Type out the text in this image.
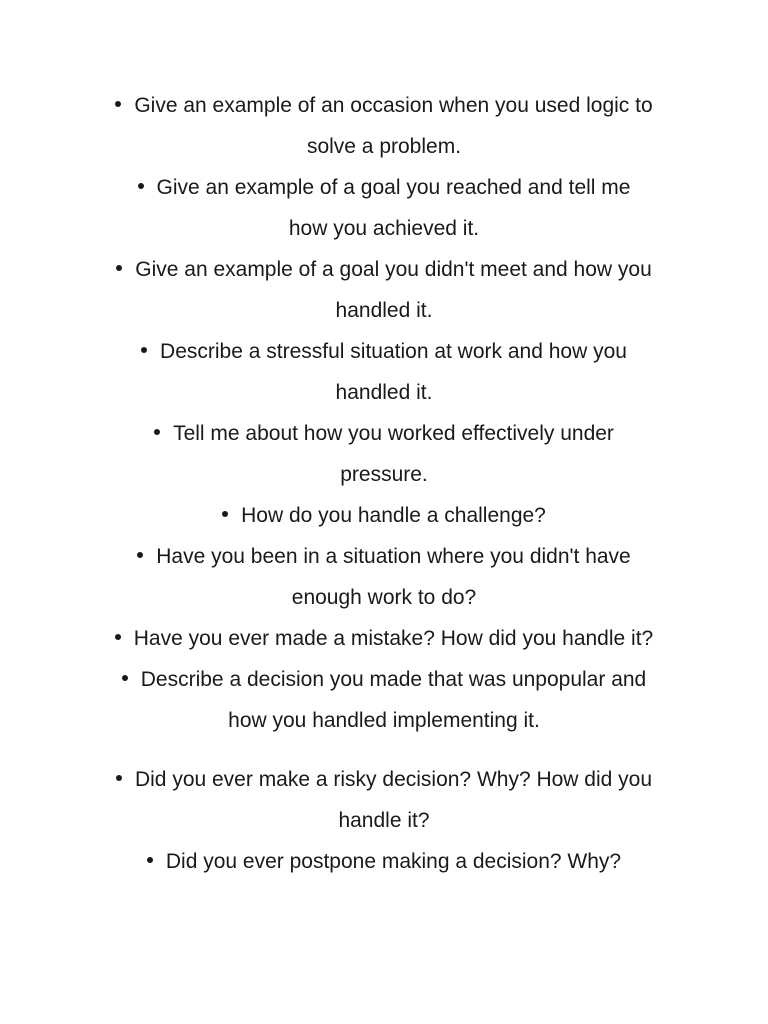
Give an example of an occasion when you used logic to solve a problem.
Give an example of a goal you reached and tell me how you achieved it.
Give an example of a goal you didn't meet and how you handled it.
Describe a stressful situation at work and how you handled it.
Tell me about how you worked effectively under pressure.
How do you handle a challenge?
Have you been in a situation where you didn't have enough work to do?
Have you ever made a mistake? How did you handle it?
Describe a decision you made that was unpopular and how you handled implementing it.
Did you ever make a risky decision? Why? How did you handle it?
Did you ever postpone making a decision? Why?
